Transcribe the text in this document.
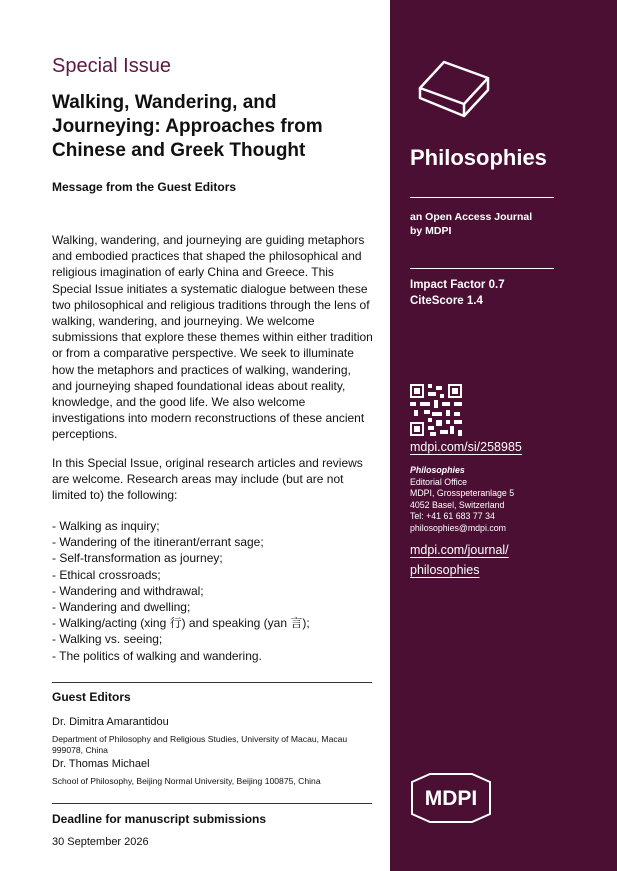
Special Issue
Walking, Wandering, and Journeying: Approaches from Chinese and Greek Thought
Message from the Guest Editors

Walking, wandering, and journeying are guiding metaphors and embodied practices that shaped the philosophical and religious imagination of early China and Greece. This Special Issue initiates a systematic dialogue between these two philosophical and religious traditions through the lens of walking, wandering, and journeying. We welcome submissions that explore these themes within either tradition or from a comparative perspective. We seek to illuminate how the metaphors and practices of walking, wandering, and journeying shaped foundational ideas about reality, knowledge, and the good life. We also welcome investigations into modern reconstructions of these ancient perceptions.

In this Special Issue, original research articles and reviews are welcome. Research areas may include (but are not limited to) the following:

- Walking as inquiry;
- Wandering of the itinerant/errant sage;
- Self-transformation as journey;
- Ethical crossroads;
- Wandering and withdrawal;
- Wandering and dwelling;
- Walking/acting (xing 行) and speaking (yan 言);
- Walking vs. seeing;
- The politics of walking and wandering.
Guest Editors
Dr. Dimitra Amarantidou
Department of Philosophy and Religious Studies, University of Macau, Macau 999078, China
Dr. Thomas Michael
School of Philosophy, Beijing Normal University, Beijing 100875, China
Deadline for manuscript submissions
30 September 2026
Philosophies
an Open Access Journal
by MDPI
Impact Factor 0.7
CiteScore 1.4
mdpi.com/si/258985
Philosophies
Editorial Office
MDPI, Grosspeteranlage 5
4052 Basel, Switzerland
Tel: +41 61 683 77 34
philosophies@mdpi.com
mdpi.com/journal/
philosophies
MDPI
